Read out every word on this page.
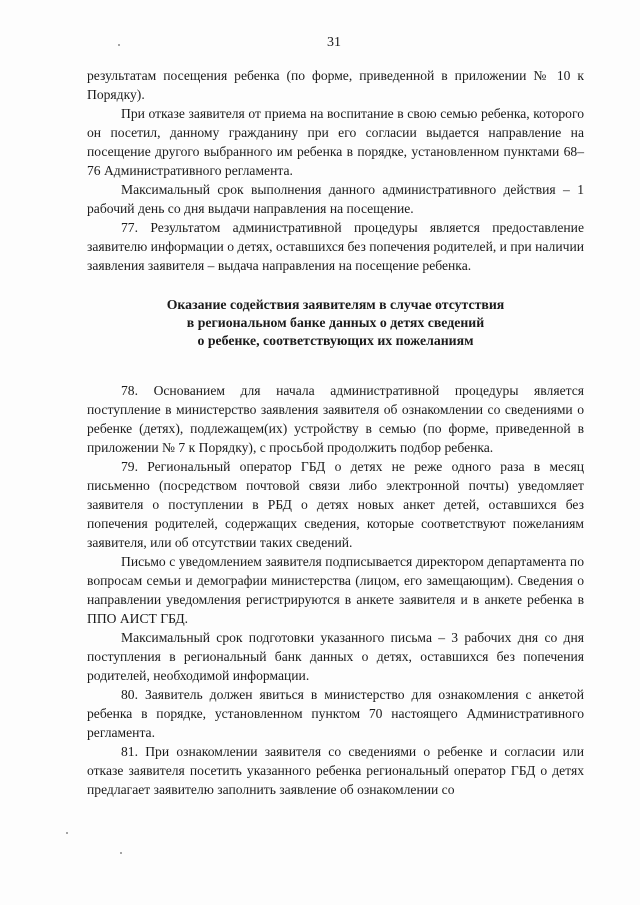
31

результатам посещения ребенка (по форме, приведенной в приложении № 10 к Порядку).

При отказе заявителя от приема на воспитание в свою семью ребенка, которого он посетил, данному гражданину при его согласии выдается направление на посещение другого выбранного им ребенка в порядке, установленном пунктами 68–76 Административного регламента.

Максимальный срок выполнения данного административного действия – 1 рабочий день со дня выдачи направления на посещение.

77. Результатом административной процедуры является предоставление заявителю информации о детях, оставшихся без попечения родителей, и при наличии заявления заявителя – выдача направления на посещение ребенка.

Оказание содействия заявителям в случае отсутствия
в региональном банке данных о детях сведений
о ребенке, соответствующих их пожеланиям

78. Основанием для начала административной процедуры является поступление в министерство заявления заявителя об ознакомлении со сведениями о ребенке (детях), подлежащем(их) устройству в семью (по форме, приведенной в приложении № 7 к Порядку), с просьбой продолжить подбор ребенка.

79. Региональный оператор ГБД о детях не реже одного раза в месяц письменно (посредством почтовой связи либо электронной почты) уведомляет заявителя о поступлении в РБД о детях новых анкет детей, оставшихся без попечения родителей, содержащих сведения, которые соответствуют пожеланиям заявителя, или об отсутствии таких сведений.

Письмо с уведомлением заявителя подписывается директором департамента по вопросам семьи и демографии министерства (лицом, его замещающим). Сведения о направлении уведомления регистрируются в анкете заявителя и в анкете ребенка в ППО АИСТ ГБД.

Максимальный срок подготовки указанного письма – 3 рабочих дня со дня поступления в региональный банк данных о детях, оставшихся без попечения родителей, необходимой информации.

80. Заявитель должен явиться в министерство для ознакомления с анкетой ребенка в порядке, установленном пунктом 70 настоящего Административного регламента.

81. При ознакомлении заявителя со сведениями о ребенке и согласии или отказе заявителя посетить указанного ребенка региональный оператор ГБД о детях предлагает заявителю заполнить заявление об ознакомлении со
